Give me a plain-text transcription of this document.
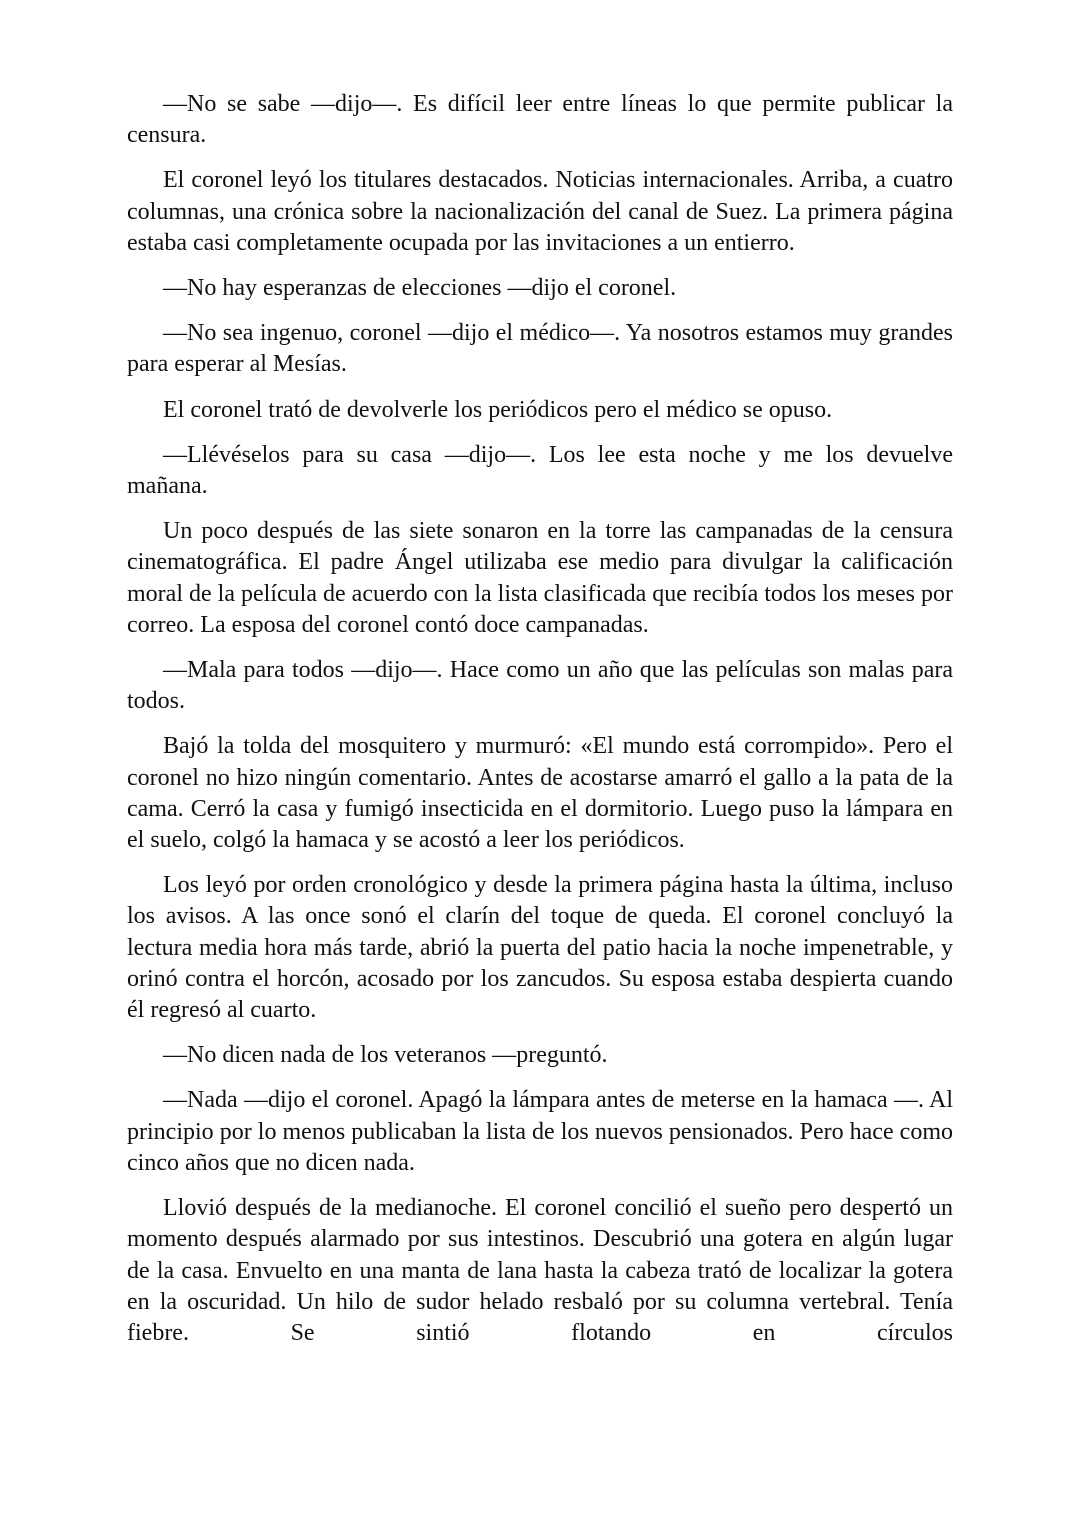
—No se sabe —dijo—. Es difícil leer entre líneas lo que permite publicar la censura.

El coronel leyó los titulares destacados. Noticias internacionales. Arriba, a cuatro columnas, una crónica sobre la nacionalización del canal de Suez. La primera página estaba casi completamente ocupada por las invitaciones a un entierro.

—No hay esperanzas de elecciones —dijo el coronel.

—No sea ingenuo, coronel —dijo el médico—. Ya nosotros estamos muy grandes para esperar al Mesías.

El coronel trató de devolverle los periódicos pero el médico se opuso.

—Llévéselos para su casa —dijo—. Los lee esta noche y me los devuelve mañana.

Un poco después de las siete sonaron en la torre las campanadas de la censura cinematográfica. El padre Ángel utilizaba ese medio para divulgar la calificación moral de la película de acuerdo con la lista clasificada que recibía todos los meses por correo. La esposa del coronel contó doce campanadas.

—Mala para todos —dijo—. Hace como un año que las películas son malas para todos.

Bajó la tolda del mosquitero y murmuró: «El mundo está corrompido». Pero el coronel no hizo ningún comentario. Antes de acostarse amarró el gallo a la pata de la cama. Cerró la casa y fumigó insecticida en el dormitorio. Luego puso la lámpara en el suelo, colgó la hamaca y se acostó a leer los periódicos.

Los leyó por orden cronológico y desde la primera página hasta la última, incluso los avisos. A las once sonó el clarín del toque de queda. El coronel concluyó la lectura media hora más tarde, abrió la puerta del patio hacia la noche impenetrable, y orinó contra el horcón, acosado por los zancudos. Su esposa estaba despierta cuando él regresó al cuarto.

—No dicen nada de los veteranos —preguntó.

—Nada —dijo el coronel. Apagó la lámpara antes de meterse en la hamaca —. Al principio por lo menos publicaban la lista de los nuevos pensionados. Pero hace como cinco años que no dicen nada.

Llovió después de la medianoche. El coronel concilió el sueño pero despertó un momento después alarmado por sus intestinos. Descubrió una gotera en algún lugar de la casa. Envuelto en una manta de lana hasta la cabeza trató de localizar la gotera en la oscuridad. Un hilo de sudor helado resbaló por su columna vertebral. Tenía fiebre. Se sintió flotando en círculos
